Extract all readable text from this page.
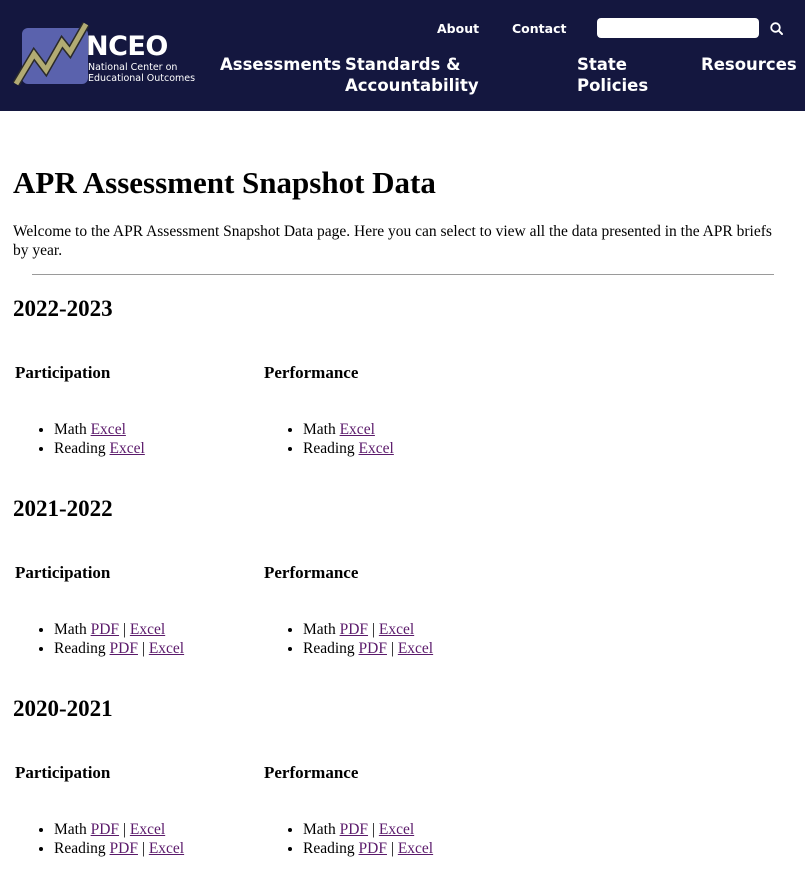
NCEO
National Center on
Educational Outcomes
About	Contact
Assessments Standards &
Accountability
State
Policies
Resources
APR Assessment Snapshot Data

Welcome to the APR Assessment Snapshot Data page. Here you can select to view all the data presented in the APR briefs by year.

2022-2023
Participation
• Math Excel
• Reading Excel
Performance
• Math Excel
• Reading Excel
2021-2022
Participation
• Math PDF | Excel
• Reading PDF | Excel
Performance
• Math PDF | Excel
• Reading PDF | Excel
2020-2021
Participation
• Math PDF | Excel
• Reading PDF | Excel
Performance
• Math PDF | Excel
• Reading PDF | Excel
